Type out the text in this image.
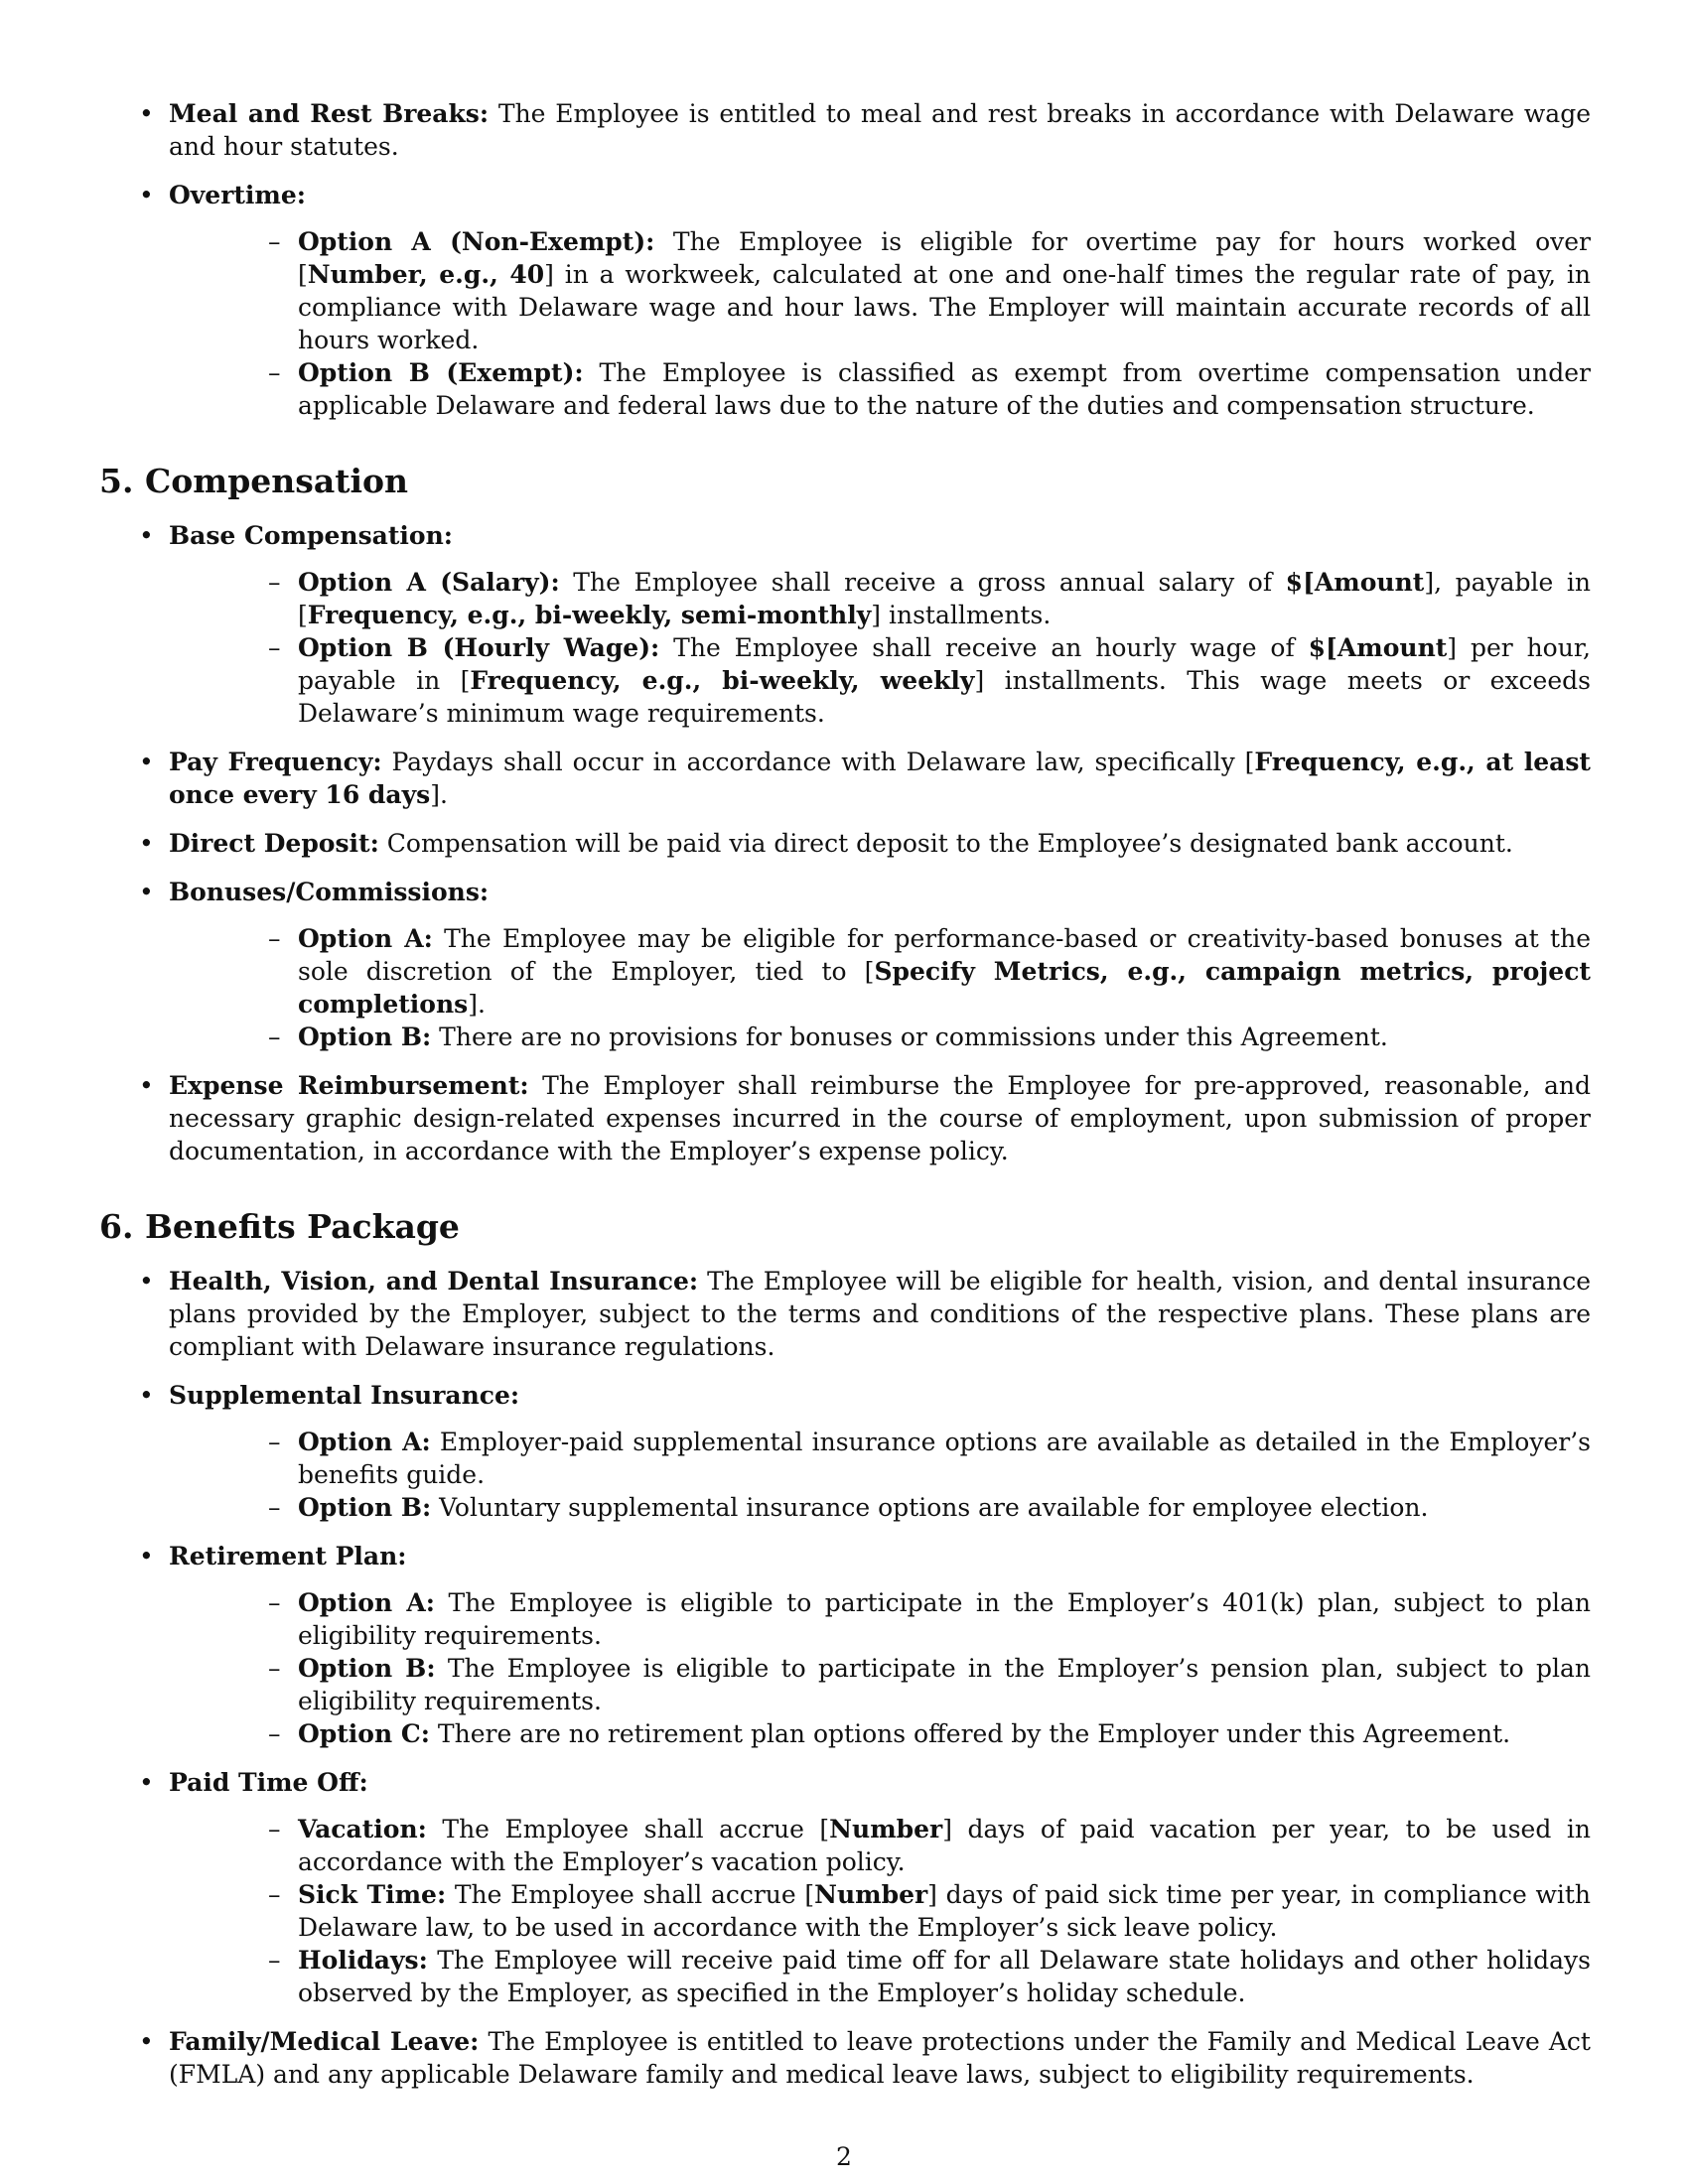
• Meal and Rest Breaks: The Employee is entitled to meal and rest breaks in accordance with Delaware wage and hour statutes.
• Overtime:
– Option A (Non-Exempt): The Employee is eligible for overtime pay for hours worked over [Number, e.g., 40] in a workweek, calculated at one and one-half times the regular rate of pay, in compliance with Delaware wage and hour laws. The Employer will maintain accurate records of all hours worked.
– Option B (Exempt): The Employee is classified as exempt from overtime compensation under applicable Delaware and federal laws due to the nature of the duties and compensation structure.
5. Compensation
• Base Compensation:
– Option A (Salary): The Employee shall receive a gross annual salary of $[Amount], payable in [Frequency, e.g., bi-weekly, semi-monthly] installments.
– Option B (Hourly Wage): The Employee shall receive an hourly wage of $[Amount] per hour, payable in [Frequency, e.g., bi-weekly, weekly] installments. This wage meets or exceeds Delaware’s minimum wage requirements.
• Pay Frequency: Paydays shall occur in accordance with Delaware law, specifically [Frequency, e.g., at least once every 16 days].
• Direct Deposit: Compensation will be paid via direct deposit to the Employee’s designated bank account.
• Bonuses/Commissions:
– Option A: The Employee may be eligible for performance-based or creativity-based bonuses at the sole discretion of the Employer, tied to [Specify Metrics, e.g., campaign metrics, project completions].
– Option B: There are no provisions for bonuses or commissions under this Agreement.
• Expense Reimbursement: The Employer shall reimburse the Employee for pre-approved, reasonable, and necessary graphic design-related expenses incurred in the course of employment, upon submission of proper documentation, in accordance with the Employer’s expense policy.
6. Benefits Package
• Health, Vision, and Dental Insurance: The Employee will be eligible for health, vision, and dental insurance plans provided by the Employer, subject to the terms and conditions of the respective plans. These plans are compliant with Delaware insurance regulations.
• Supplemental Insurance:
– Option A: Employer-paid supplemental insurance options are available as detailed in the Employer’s benefits guide.
– Option B: Voluntary supplemental insurance options are available for employee election.
• Retirement Plan:
– Option A: The Employee is eligible to participate in the Employer’s 401(k) plan, subject to plan eligibility requirements.
– Option B: The Employee is eligible to participate in the Employer’s pension plan, subject to plan eligibility requirements.
– Option C: There are no retirement plan options offered by the Employer under this Agreement.
• Paid Time Off:
– Vacation: The Employee shall accrue [Number] days of paid vacation per year, to be used in accordance with the Employer’s vacation policy.
– Sick Time: The Employee shall accrue [Number] days of paid sick time per year, in compliance with Delaware law, to be used in accordance with the Employer’s sick leave policy.
– Holidays: The Employee will receive paid time off for all Delaware state holidays and other holidays observed by the Employer, as specified in the Employer’s holiday schedule.
• Family/Medical Leave: The Employee is entitled to leave protections under the Family and Medical Leave Act (FMLA) and any applicable Delaware family and medical leave laws, subject to eligibility requirements.
2
